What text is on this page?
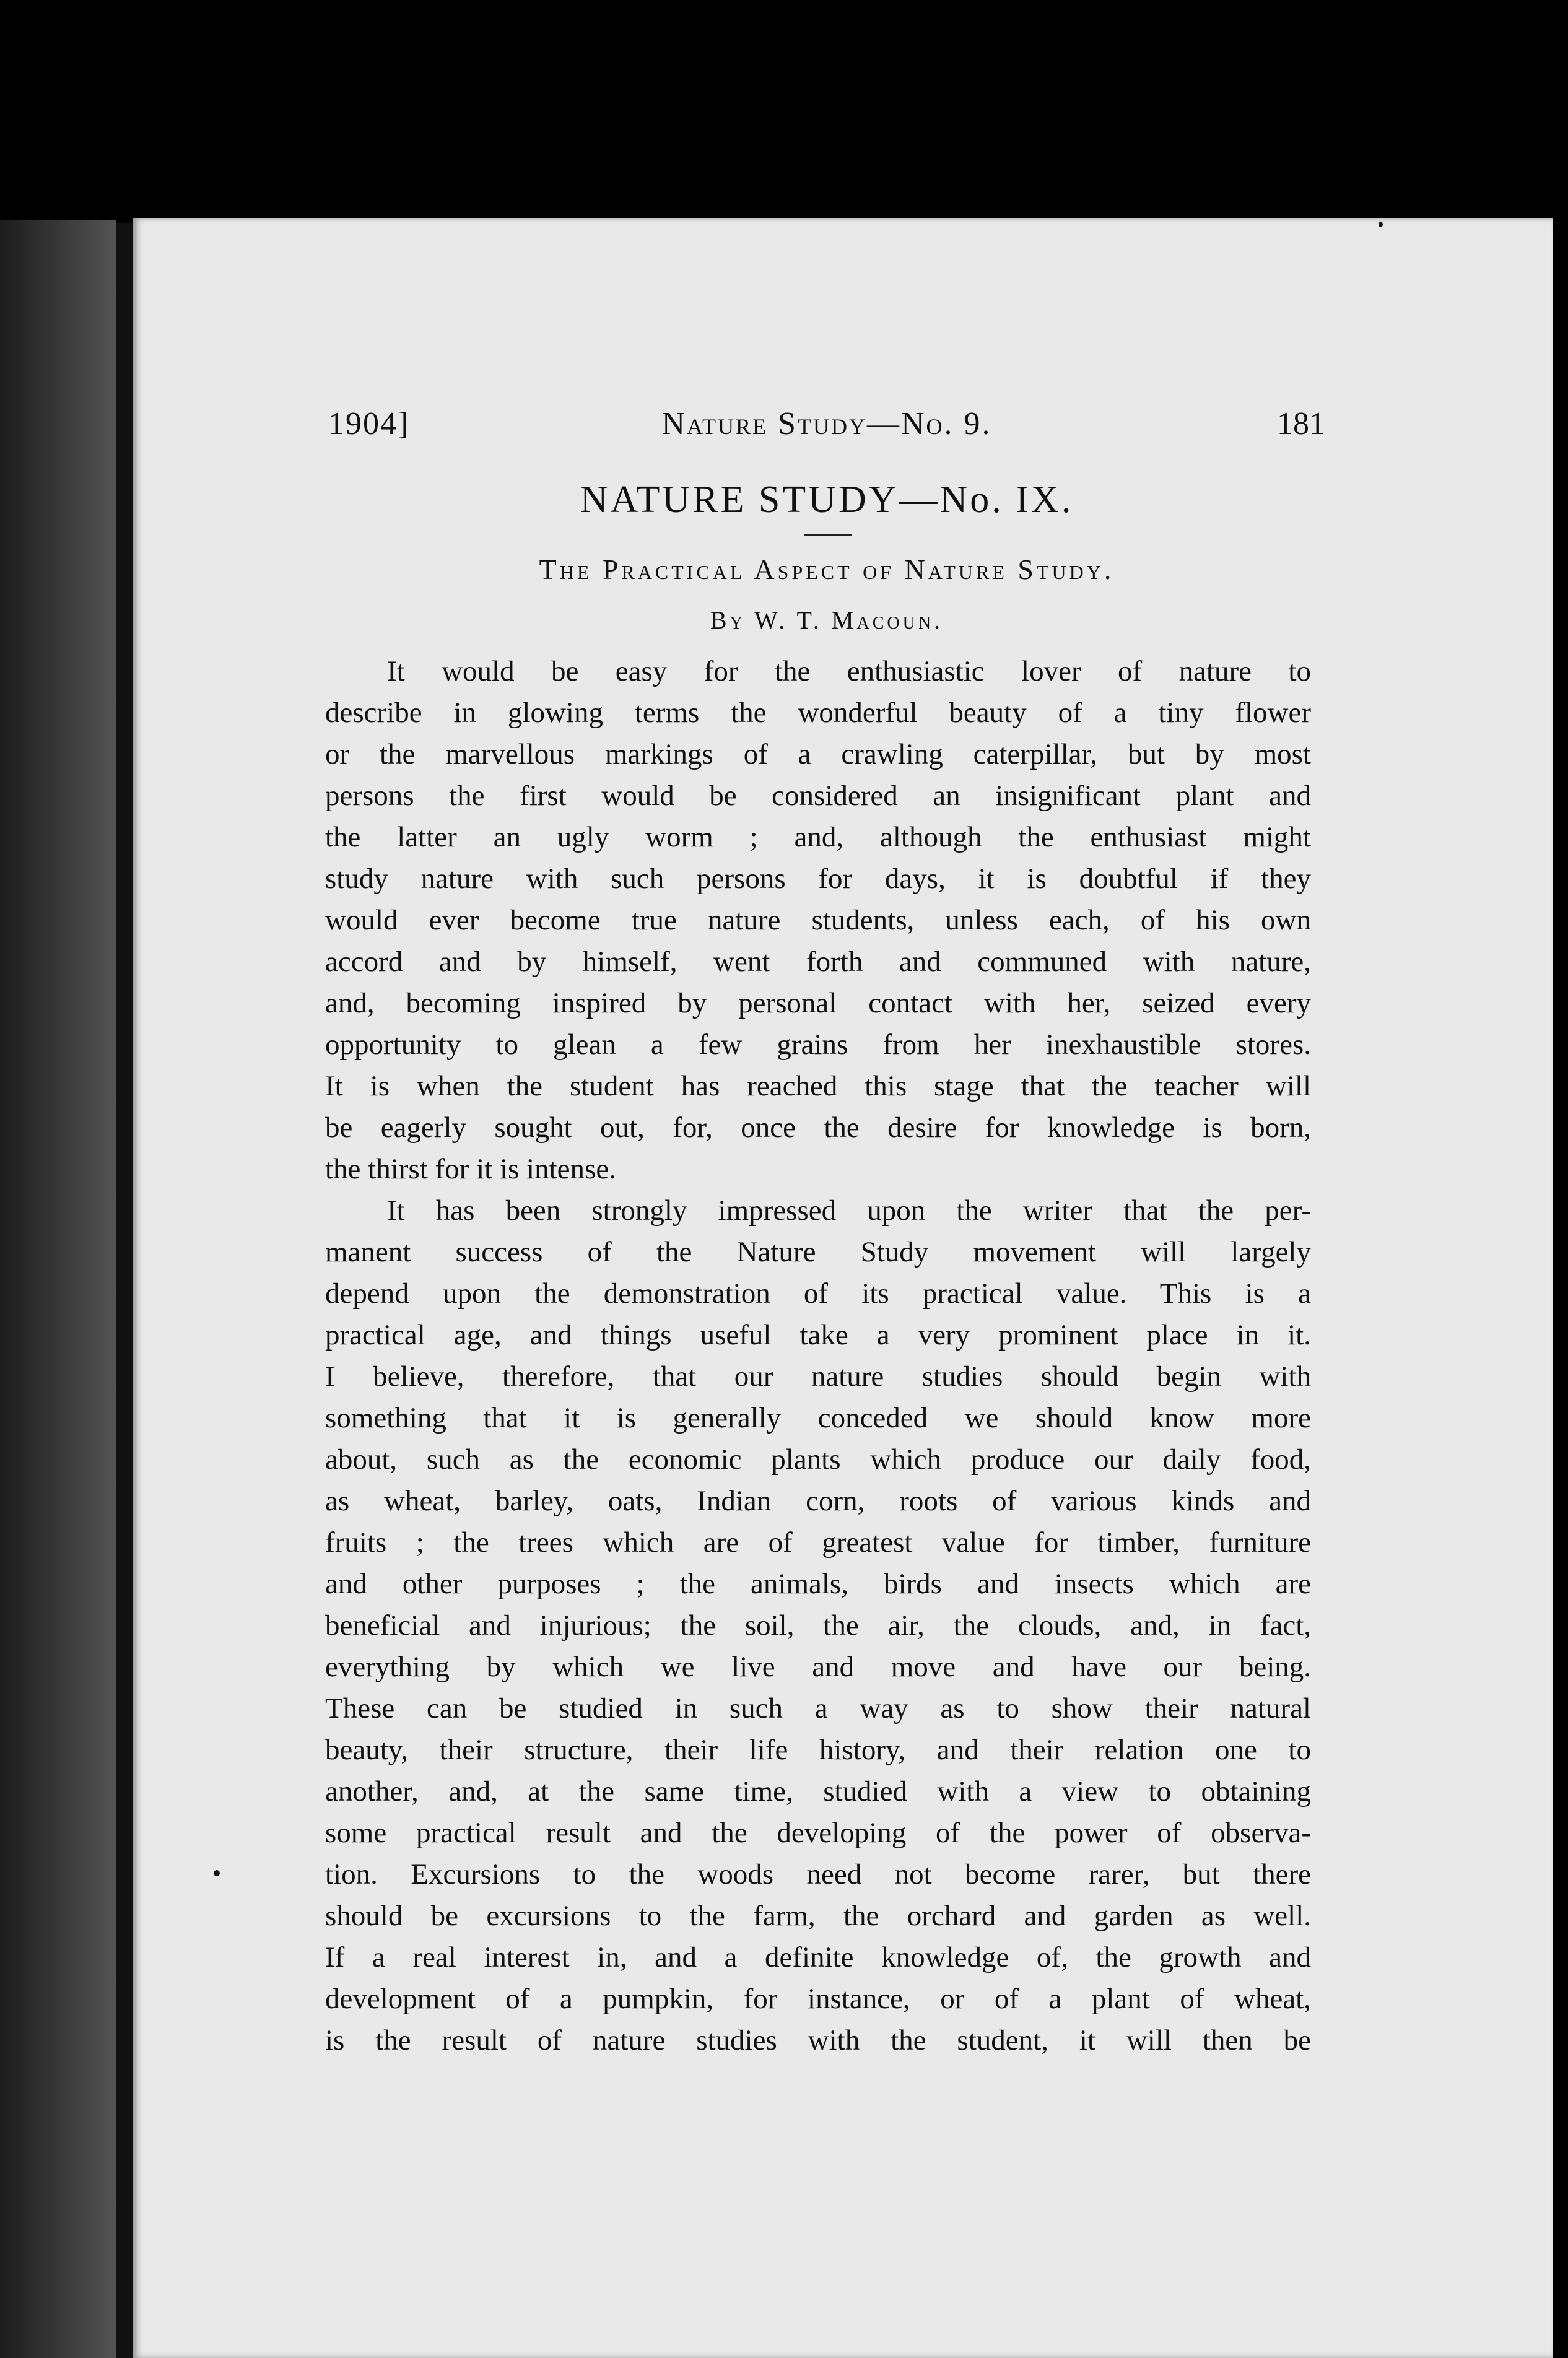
1904]	Nature Study—No. 9.	181
NATURE STUDY—No. IX.
The Practical Aspect of Nature Study.
By W. T. Macoun.
It would be easy for the enthusiastic lover of nature to
describe in glowing terms the wonderful beauty of a tiny flower
or the marvellous markings of a crawling caterpillar, but by most
persons the first would be considered an insignificant plant and
the latter an ugly worm ; and, although the enthusiast might
study nature with such persons for days, it is doubtful if they
would ever become true nature students, unless each, of his own
accord and by himself, went forth and communed with nature,
and, becoming inspired by personal contact with her, seized every
opportunity to glean a few grains from her inexhaustible stores.
It is when the student has reached this stage that the teacher will
be eagerly sought out, for, once the desire for knowledge is born,
the thirst for it is intense.
It has been strongly impressed upon the writer that the per-
manent success of the Nature Study movement will largely
depend upon the demonstration of its practical value. This is a
practical age, and things useful take a very prominent place in it.
I believe, therefore, that our nature studies should begin with
something that it is generally conceded we should know more
about, such as the economic plants which produce our daily food,
as wheat, barley, oats, Indian corn, roots of various kinds and
fruits ; the trees which are of greatest value for timber, furniture
and other purposes ; the animals, birds and insects which are
beneficial and injurious; the soil, the air, the clouds, and, in fact,
everything by which we live and move and have our being.
These can be studied in such a way as to show their natural
beauty, their structure, their life history, and their relation one to
another, and, at the same time, studied with a view to obtaining
some practical result and the developing of the power of observa-
tion. Excursions to the woods need not become rarer, but there
should be excursions to the farm, the orchard and garden as well.
If a real interest in, and a definite knowledge of, the growth and
development of a pumpkin, for instance, or of a plant of wheat,
is the result of nature studies with the student, it will then be
